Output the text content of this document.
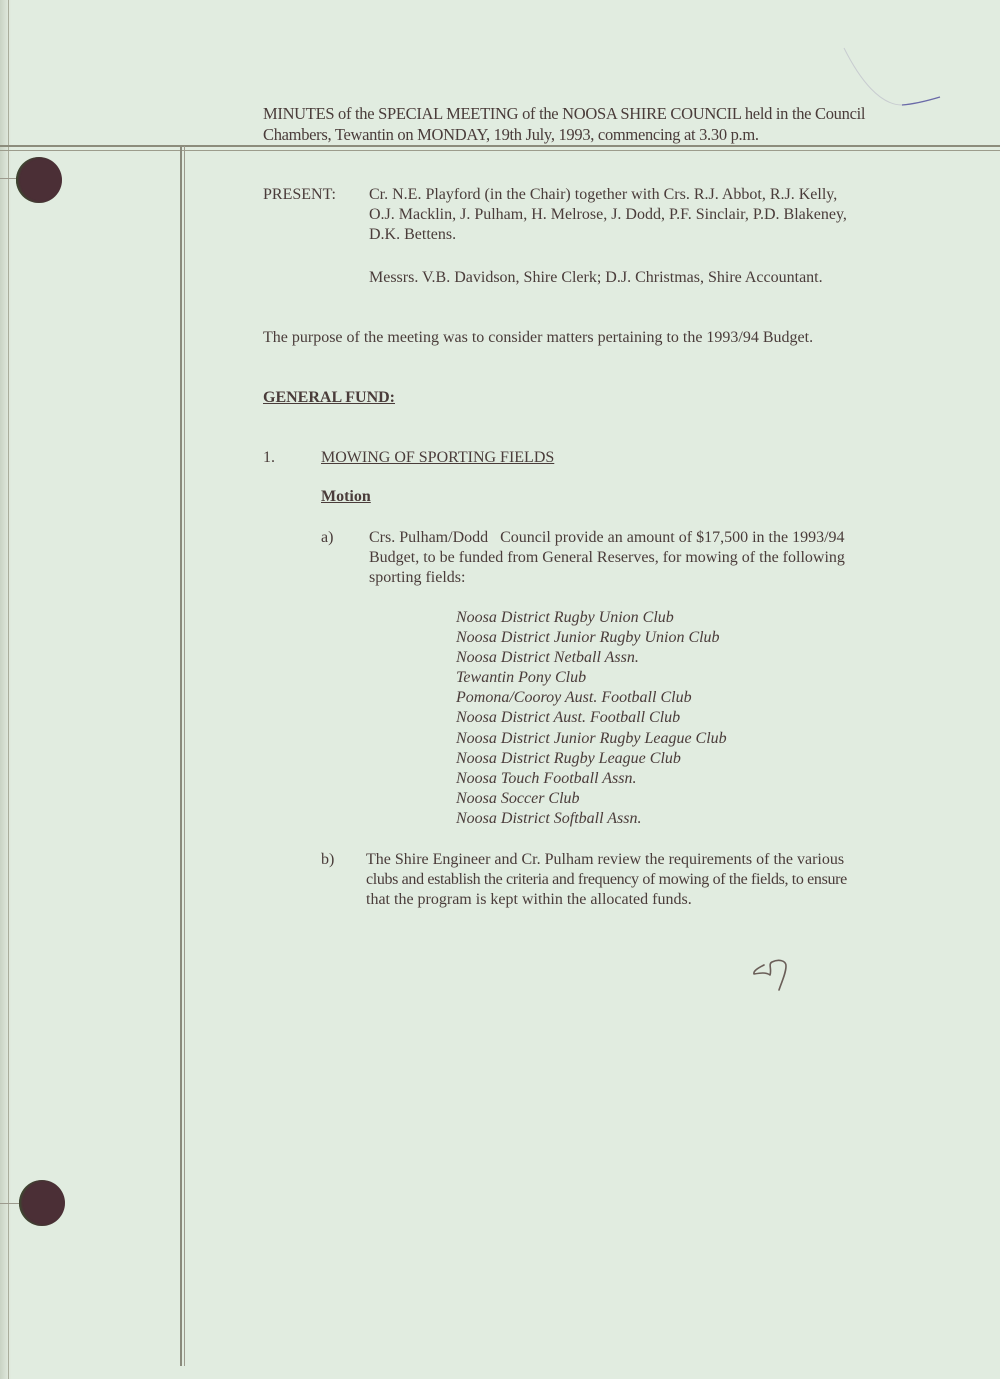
MINUTES of the SPECIAL MEETING of the NOOSA SHIRE COUNCIL held in the Council
Chambers, Tewantin on MONDAY, 19th July, 1993, commencing at 3.30 p.m.
PRESENT: Cr. N.E. Playford (in the Chair) together with Crs. R.J. Abbot, R.J. Kelly,
O.J. Macklin, J. Pulham, H. Melrose, J. Dodd, P.F. Sinclair, P.D. Blakeney,
D.K. Bettens.
Messrs. V.B. Davidson, Shire Clerk; D.J. Christmas, Shire Accountant.
The purpose of the meeting was to consider matters pertaining to the 1993/94 Budget.
GENERAL FUND:
1.	MOWING OF SPORTING FIELDS
Motion
a) Crs. Pulham/Dodd   Council provide an amount of $17,500 in the 1993/94
Budget, to be funded from General Reserves, for mowing of the following
sporting fields:
Noosa District Rugby Union Club
Noosa District Junior Rugby Union Club
Noosa District Netball Assn.
Tewantin Pony Club
Pomona/Cooroy Aust. Football Club
Noosa District Aust. Football Club
Noosa District Junior Rugby League Club
Noosa District Rugby League Club
Noosa Touch Football Assn.
Noosa Soccer Club
Noosa District Softball Assn.
b) The Shire Engineer and Cr. Pulham review the requirements of the various
clubs and establish the criteria and frequency of mowing of the fields, to ensure
that the program is kept within the allocated funds.
